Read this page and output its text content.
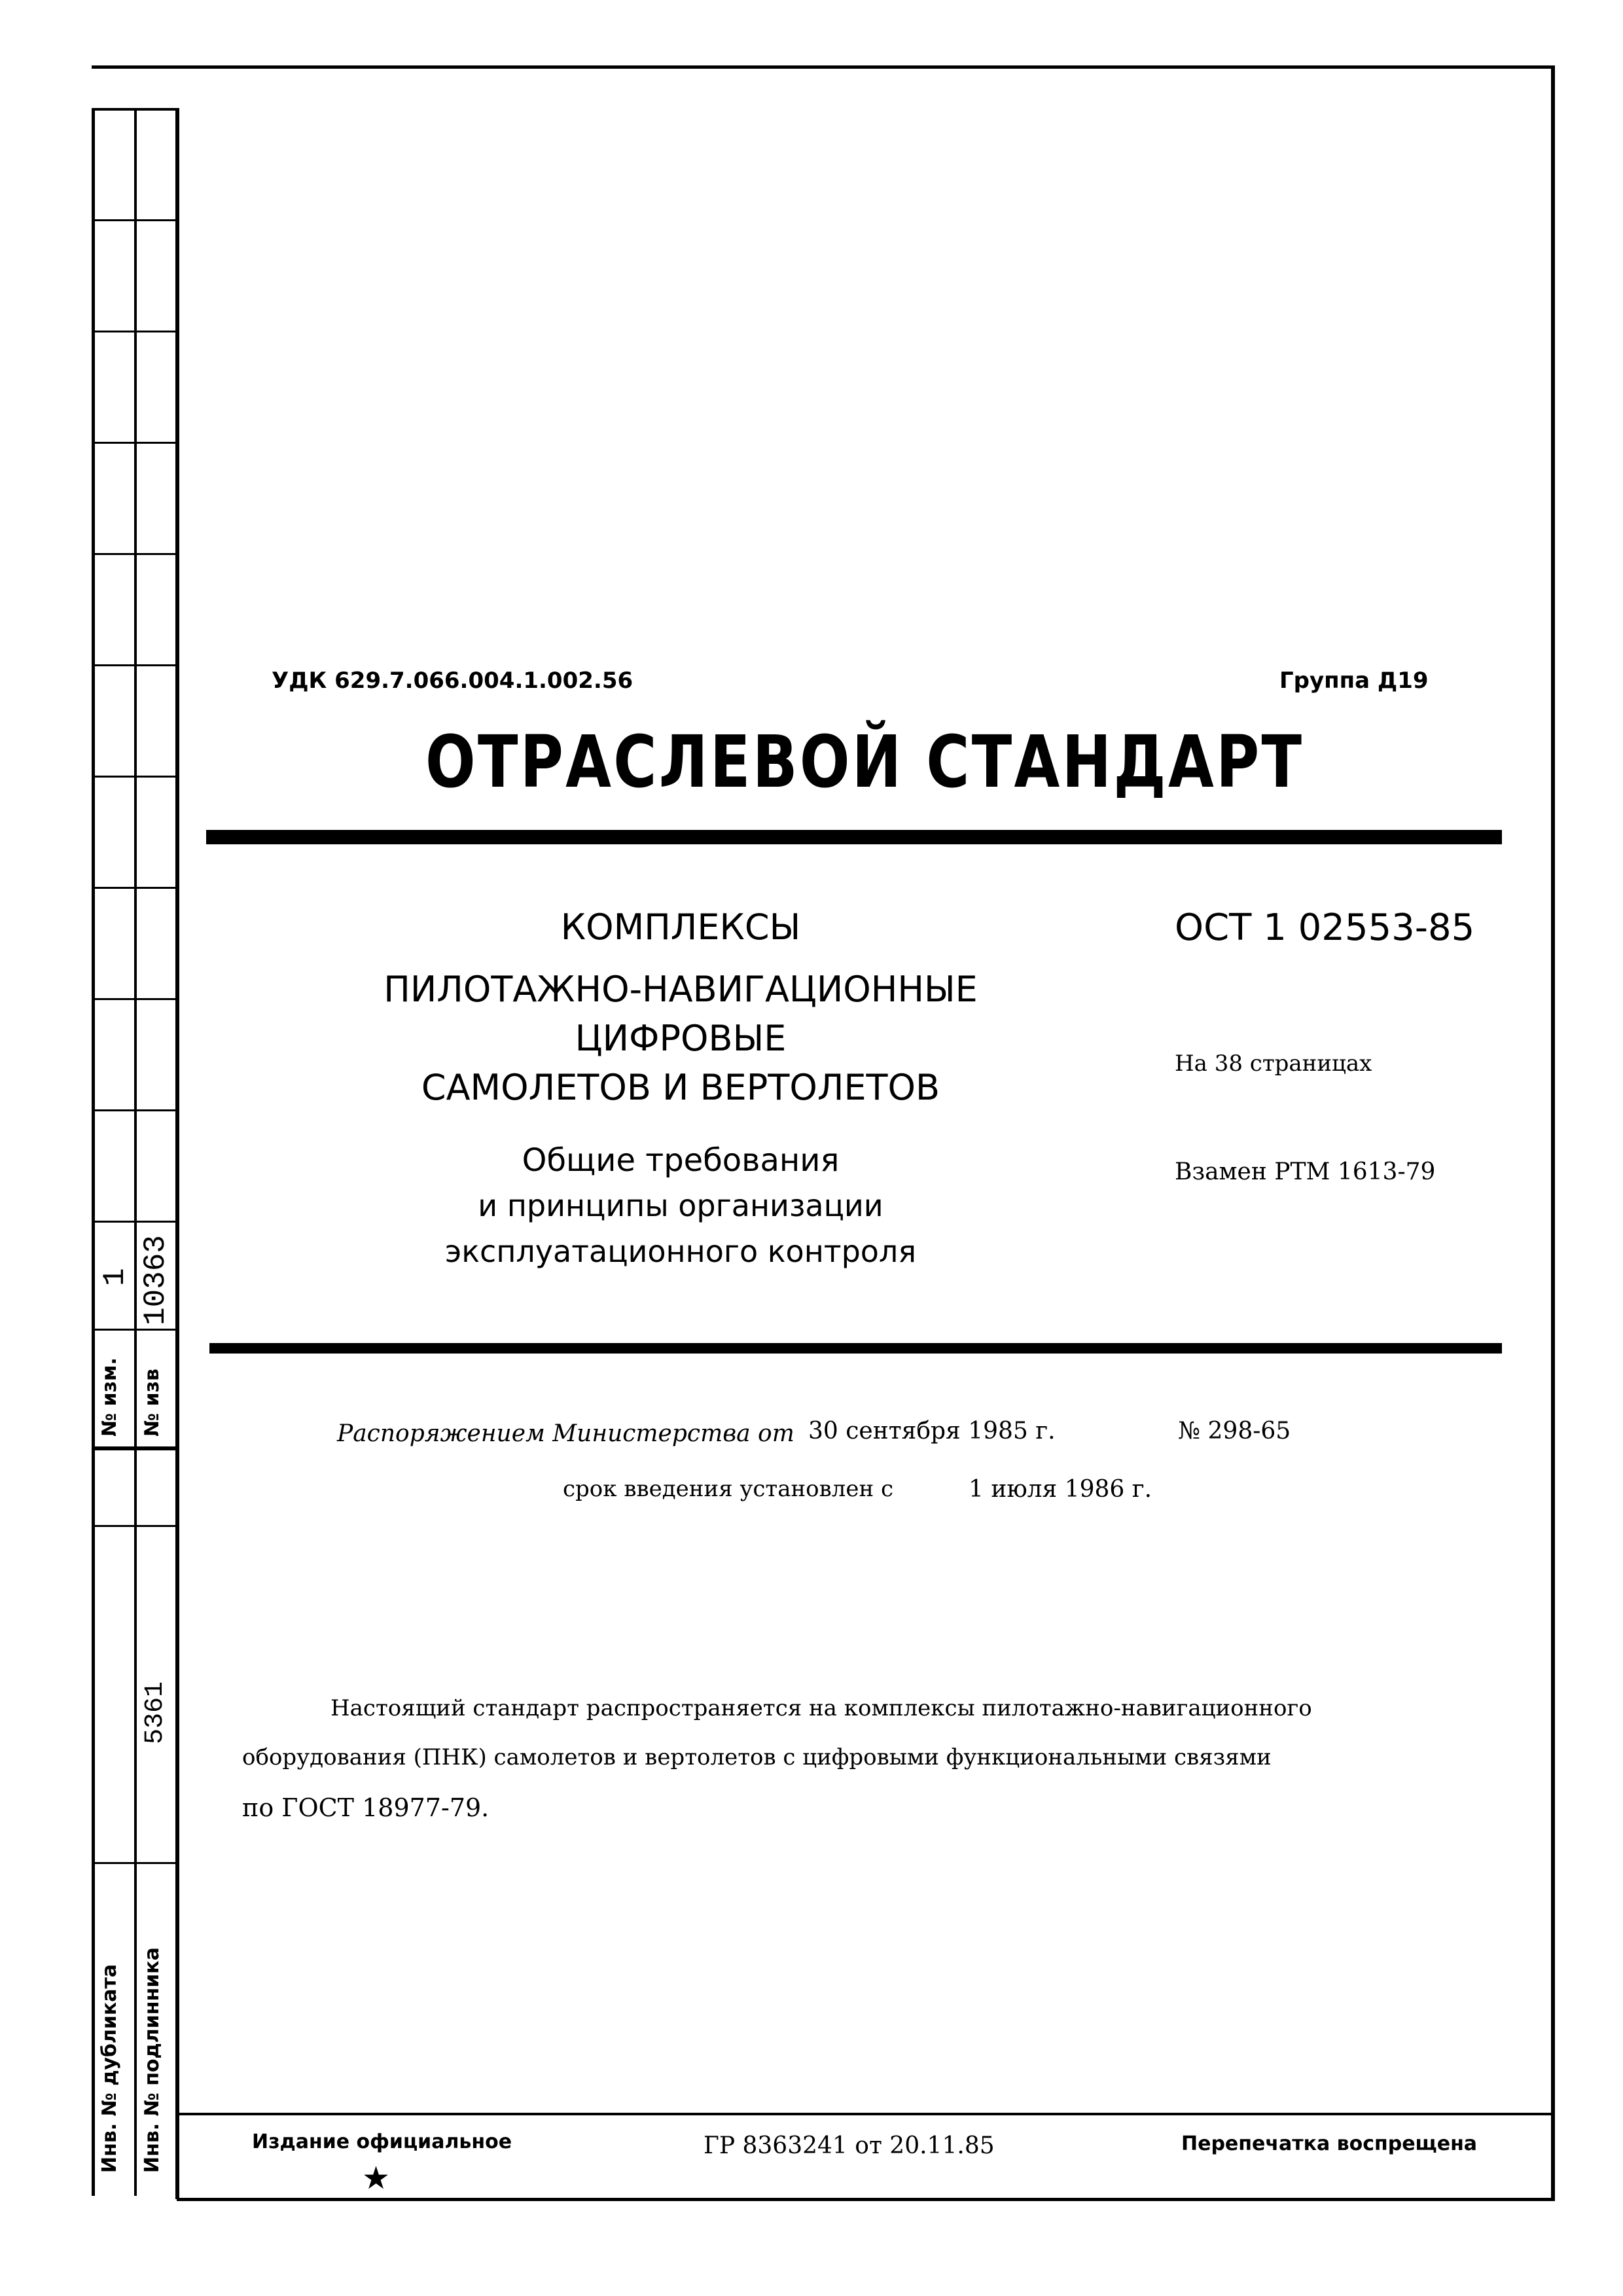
1 10363
№ изм. № изв
5361
Инв. № дубликата Инв. № подлинника
УДК 629.7.066.004.1.002.56	Группа Д19
ОТРАСЛЕВОЙ СТАНДАРТ
КОМПЛЕКСЫ
ПИЛОТАЖНО-НАВИГАЦИОННЫЕ
ЦИФРОВЫЕ
САМОЛЕТОВ И ВЕРТОЛЕТОВ
Общие требования
и принципы организации
эксплуатационного контроля
ОСТ 1 02553-85
На 38 страницах
Взамен РТМ 1613-79
Распоряжением Министерства от 30 сентября 1985 г.	№ 298-65
срок введения установлен с	1 июля 1986 г.
Настоящий стандарт распространяется на комплексы пилотажно-навигационного
оборудования (ПНК) самолетов и вертолетов с цифровыми функциональными связями
по ГОСТ 18977-79.
Издание официальное
★
ГР 8363241 от 20.11.85	Перепечатка воспрещена
